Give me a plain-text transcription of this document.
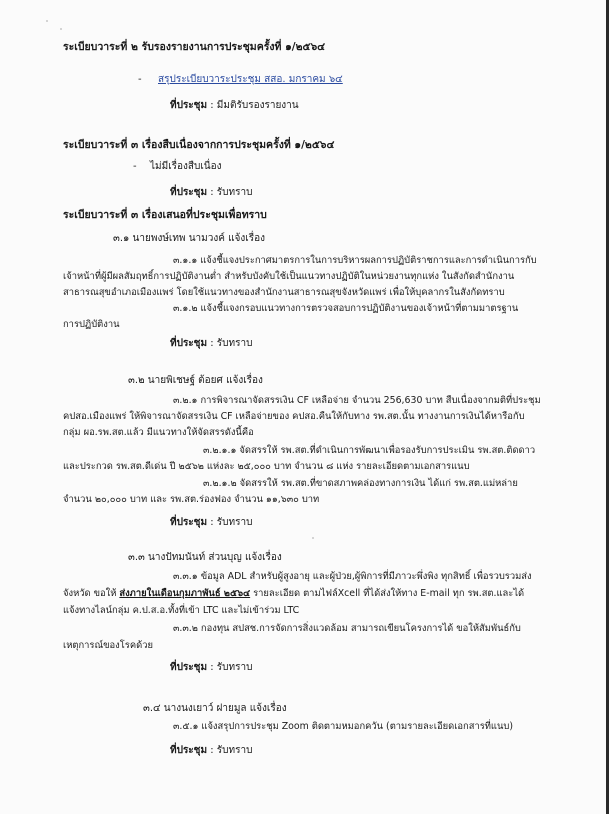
ระเบียบวาระที่ ๒ รับรองรายงานการประชุมครั้งที่ ๑/๒๕๖๔
- สรุประเบียบวาระประชุม สสอ. มกราคม ๖๔
ที่ประชุม : มีมติรับรองรายงาน
ระเบียบวาระที่ ๓ เรื่องสืบเนื่องจากการประชุมครั้งที่ ๑/๒๕๖๔
- ไม่มีเรื่องสืบเนื่อง
ที่ประชุม : รับทราบ
ระเบียบวาระที่ ๓ เรื่องเสนอที่ประชุมเพื่อทราบ
๓.๑ นายพงษ์เทพ นามวงค์ แจ้งเรื่อง
๓.๑.๑ แจ้งชี้แจงประกาศมาตรการในการบริหารผลการปฏิบัติราชการและการดำเนินการกับ
เจ้าหน้าที่ผู้มีผลสัมฤทธิ์การปฏิบัติงานต่ำ สำหรับบังคับใช้เป็นแนวทางปฏิบัติในหน่วยงานทุกแห่ง ในสังกัดสำนักงาน
สาธารณสุขอำเภอเมืองแพร่ โดยใช้แนวทางของสำนักงานสาธารณสุขจังหวัดแพร่ เพื่อให้บุคลากรในสังกัดทราบ
๓.๑.๒ แจ้งชี้แจงกรอบแนวทางการตรวจสอบการปฏิบัติงานของเจ้าหน้าที่ตามมาตรฐาน
การปฏิบัติงาน
ที่ประชุม : รับทราบ
๓.๒ นายพิเชษฐ์ ต้อยศ แจ้งเรื่อง
๓.๒.๑ การพิจารณาจัดสรรเงิน CF เหลือจ่าย จำนวน 256,630 บาท สืบเนื่องจากมติที่ประชุม
คปสอ.เมืองแพร่ ให้พิจารณาจัดสรรเงิน CF เหลือจ่ายของ คปสอ.คืนให้กับทาง รพ.สต.นั้น ทางงานการเงินได้หารือกับ
กลุ่ม ผอ.รพ.สต.แล้ว มีแนวทางให้จัดสรรดังนี้คือ
๓.๒.๑.๑ จัดสรรให้ รพ.สต.ที่ดำเนินการพัฒนาเพื่อรองรับการประเมิน รพ.สต.ติดดาว
และประกวด รพ.สต.ดีเด่น ปี ๒๕๖๒ แห่งละ ๒๕,๐๐๐ บาท จำนวน ๘ แห่ง รายละเอียดตามเอกสารแนบ
๓.๒.๑.๒ จัดสรรให้ รพ.สต.ที่ขาดสภาพคล่องทางการเงิน ได้แก่ รพ.สต.แม่หล่าย
จำนวน ๒๐,๐๐๐ บาท และ รพ.สต.ร่องฟอง จำนวน ๑๑,๖๓๐ บาท
ที่ประชุม : รับทราบ
๓.๓ นางปัทมนันท์ ส่วนบุญ แจ้งเรื่อง
๓.๓.๑ ข้อมูล ADL สำหรับผู้สูงอายุ และผู้ป่วย,ผู้พิการที่มีภาวะพึ่งพิง ทุกสิทธิ์ เพื่อรวบรวมส่ง
จังหวัด ขอให้ ส่งภายในเดือนกุมภาพันธ์ ๒๕๖๔ รายละเอียด ตามไฟล์Xcell ที่ได้ส่งให้ทาง E-mail ทุก รพ.สต.และได้
แจ้งทางไลน์กลุ่ม ค.ป.ส.อ.ทั้งที่เข้า LTC และไม่เข้าร่วม LTC
๓.๓.๒ กองทุน สปสช.การจัดการสิ่งแวดล้อม สามารถเขียนโครงการได้ ขอให้สัมพันธ์กับ
เหตุการณ์ของโรคด้วย
ที่ประชุม : รับทราบ
๓.๔ นางนงเยาว์ ฝายมูล แจ้งเรื่อง
๓.๕.๑ แจ้งสรุปการประชุม Zoom ติดตามหมอกควัน (ตามรายละเอียดเอกสารที่แนบ)
ที่ประชุม : รับทราบ
